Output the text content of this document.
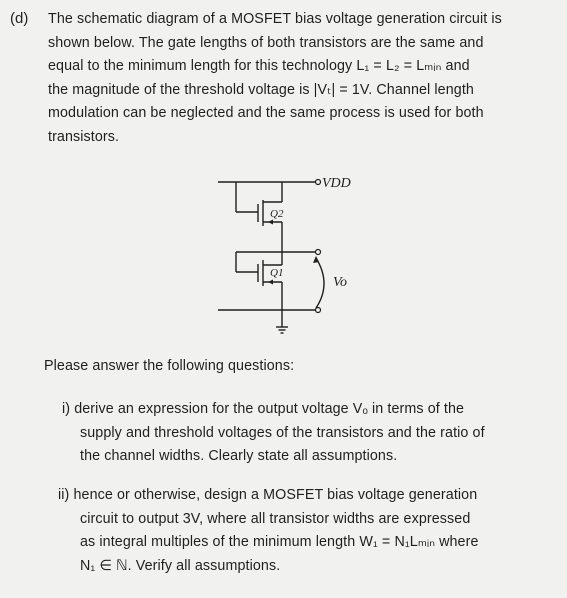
(d) The schematic diagram of a MOSFET bias voltage generation circuit is
shown below. The gate lengths of both transistors are the same and
equal to the minimum length for this technology L₁ = L₂ = Lₘᵢₙ and
the magnitude of the threshold voltage is |Vₜ| = 1V. Channel length
modulation can be neglected and the same process is used for both
transistors.
VDD
Q2
Q1
Vo
Please answer the following questions:
i) derive an expression for the output voltage Vₒ in terms of the
supply and threshold voltages of the transistors and the ratio of
the channel widths. Clearly state all assumptions.
ii) hence or otherwise, design a MOSFET bias voltage generation
circuit to output 3V, where all transistor widths are expressed
as integral multiples of the minimum length W₁ = N₁Lₘᵢₙ where
N₁ ∈ ℕ. Verify all assumptions.
